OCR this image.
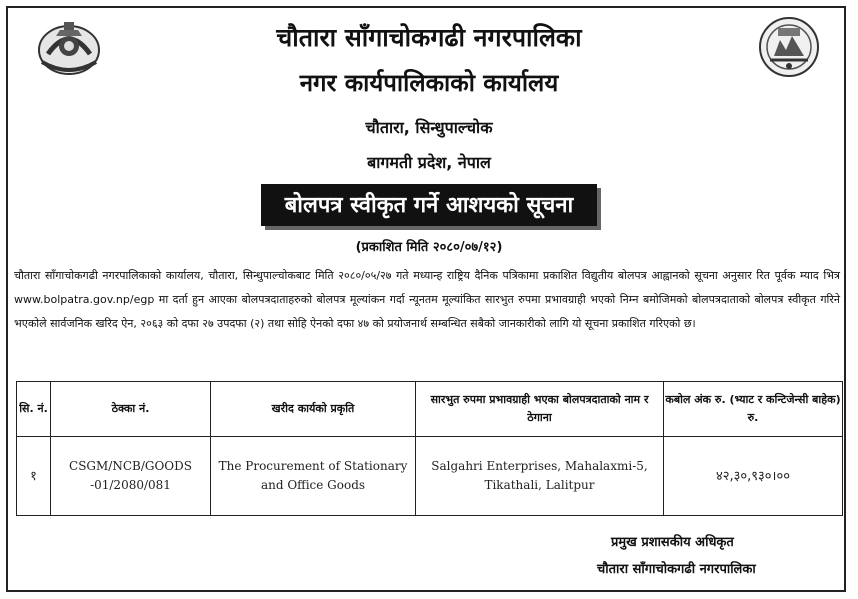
चौतारा साँगाचोकगढी नगरपालिका
नगर कार्यपालिकाको कार्यालय
चौतारा, सिन्धुपाल्चोक
बागमती प्रदेश, नेपाल
बोलपत्र स्वीकृत गर्ने आशयको सूचना
(प्रकाशित मिति २०८०/०७/१२)
चौतारा साँगाचोकगढी नगरपालिकाको कार्यालय, चौतारा, सिन्धुपाल्चोकबाट मिति २०८०/०५/२७ गते मध्यान्ह राष्ट्रिय दैनिक पत्रिकामा प्रकाशित विद्युतीय बोलपत्र आह्वानको सूचना अनुसार रित पूर्वक म्याद भित्र www.bolpatra.gov.np/egp मा दर्ता हुन आएका बोलपत्रदाताहरुको बोलपत्र मूल्यांकन गर्दा न्यूनतम मूल्यांकित सारभुत रुपमा प्रभावग्राही भएको निम्न बमोजिमको बोलपत्रदाताको बोलपत्र स्वीकृत गरिने भएकोले सार्वजनिक खरिद ऐन, २०६३ को दफा २७ उपदफा (२) तथा सोहि ऐनको दफा ४७ को प्रयोजनार्थ सम्बन्धित सबैको जानकारीको लागि यो सूचना प्रकाशित गरिएको छ।
सि. नं.	ठेक्का नं.	खरीद कार्यको प्रकृति	सारभुत रुपमा प्रभावग्राही भएका बोलपत्रदाताको नाम र ठेगाना	कबोल अंक रु. (भ्याट र कन्टिजेन्सी बाहेक) रु.
१	CSGM/NCB/GOODS -01/2080/081	The Procurement of Stationary and Office Goods	Salgahri Enterprises, Mahalaxmi-5, Tikathali, Lalitpur	४२,३०,९३०।००
प्रमुख प्रशासकीय अधिकृत
चौतारा साँगाचोकगढी नगरपालिका
